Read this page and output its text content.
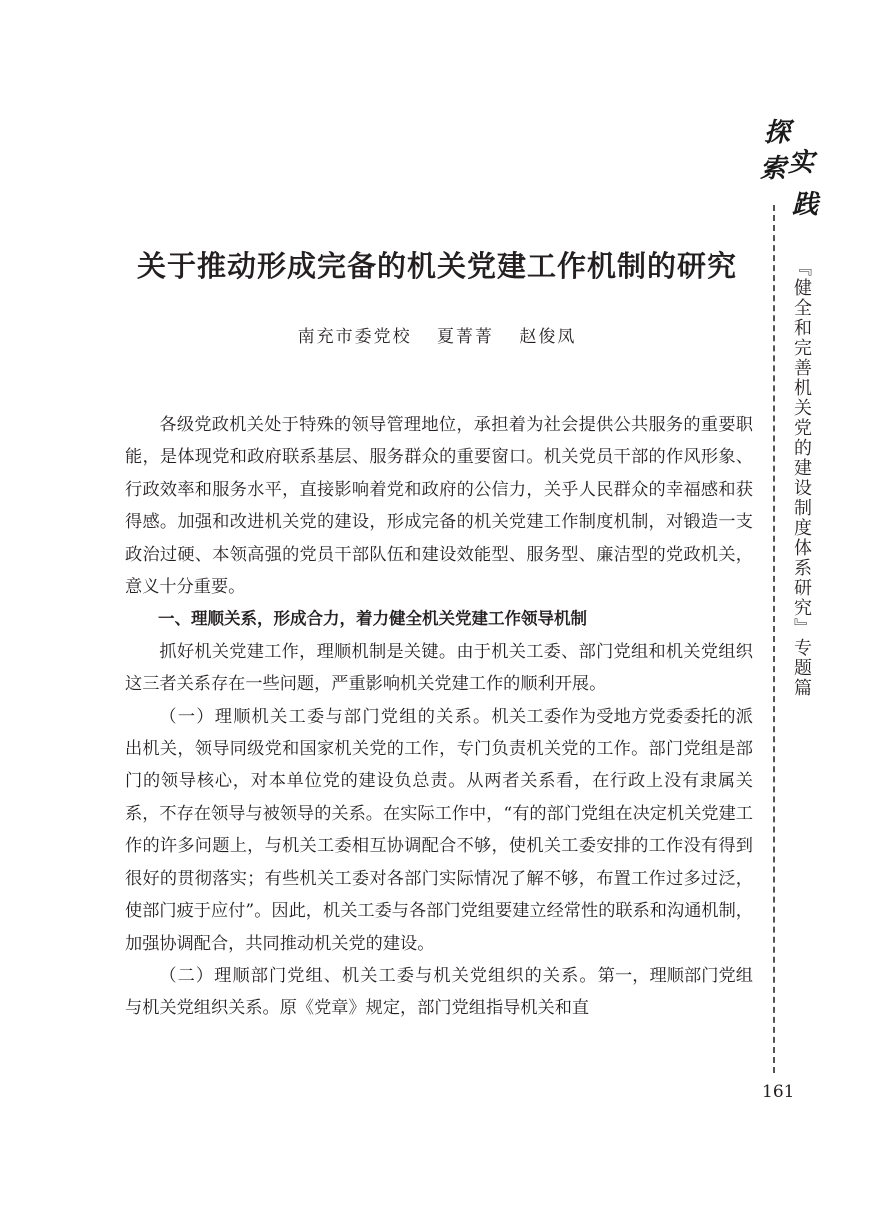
探
索 实
践
『健全和完善机关党的建设制度体系研究』专题篇
关于推动形成完备的机关党建工作机制的研究
南充市委党校 夏菁菁 赵俊凤

各级党政机关处于特殊的领导管理地位，承担着为社会提供公共服务的重要职能，是体现党和政府联系基层、服务群众的重要窗口。机关党员干部的作风形象、行政效率和服务水平，直接影响着党和政府的公信力，关乎人民群众的幸福感和获得感。加强和改进机关党的建设，形成完备的机关党建工作制度机制，对锻造一支政治过硬、本领高强的党员干部队伍和建设效能型、服务型、廉洁型的党政机关，意义十分重要。

一、理顺关系，形成合力，着力健全机关党建工作领导机制

抓好机关党建工作，理顺机制是关键。由于机关工委、部门党组和机关党组织这三者关系存在一些问题，严重影响机关党建工作的顺利开展。

（一）理顺机关工委与部门党组的关系。机关工委作为受地方党委委托的派出机关，领导同级党和国家机关党的工作，专门负责机关党的工作。部门党组是部门的领导核心，对本单位党的建设负总责。从两者关系看，在行政上没有隶属关系，不存在领导与被领导的关系。在实际工作中，“有的部门党组在决定机关党建工作的许多问题上，与机关工委相互协调配合不够，使机关工委安排的工作没有得到很好的贯彻落实；有些机关工委对各部门实际情况了解不够，布置工作过多过泛，使部门疲于应付”。因此，机关工委与各部门党组要建立经常性的联系和沟通机制，加强协调配合，共同推动机关党的建设。

（二）理顺部门党组、机关工委与机关党组织的关系。第一，理顺部门党组与机关党组织关系。原《党章》规定，部门党组指导机关和直

161
